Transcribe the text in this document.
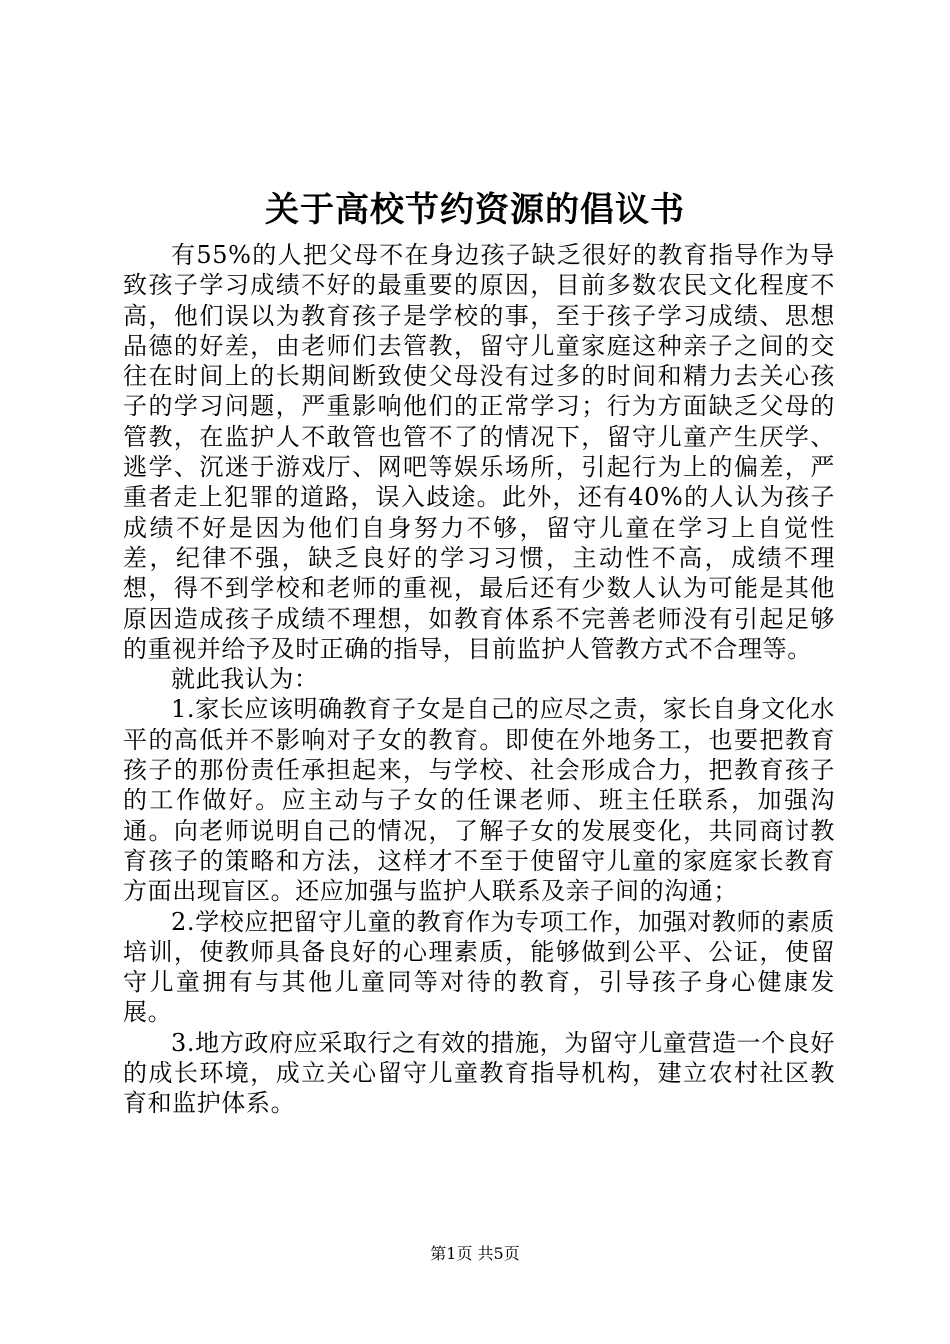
关于高校节约资源的倡议书

有55%的人把父母不在身边孩子缺乏很好的教育指导作为导致孩子学习成绩不好的最重要的原因，目前多数农民文化程度不高，他们误以为教育孩子是学校的事，至于孩子学习成绩、思想品德的好差，由老师们去管教，留守儿童家庭这种亲子之间的交往在时间上的长期间断致使父母没有过多的时间和精力去关心孩子的学习问题，严重影响他们的正常学习；行为方面缺乏父母的管教，在监护人不敢管也管不了的情况下，留守儿童产生厌学、逃学、沉迷于游戏厅、网吧等娱乐场所，引起行为上的偏差，严重者走上犯罪的道路，误入歧途。此外，还有40%的人认为孩子成绩不好是因为他们自身努力不够，留守儿童在学习上自觉性差，纪律不强，缺乏良好的学习习惯，主动性不高，成绩不理想，得不到学校和老师的重视，最后还有少数人认为可能是其他原因造成孩子成绩不理想，如教育体系不完善老师没有引起足够的重视并给予及时正确的指导，目前监护人管教方式不合理等。

就此我认为：

1.家长应该明确教育子女是自己的应尽之责，家长自身文化水平的高低并不影响对子女的教育。即使在外地务工，也要把教育孩子的那份责任承担起来，与学校、社会形成合力，把教育孩子的工作做好。应主动与子女的任课老师、班主任联系，加强沟通。向老师说明自己的情况，了解子女的发展变化，共同商讨教育孩子的策略和方法，这样才不至于使留守儿童的家庭家长教育方面出现盲区。还应加强与监护人联系及亲子间的沟通；

2.学校应把留守儿童的教育作为专项工作，加强对教师的素质培训，使教师具备良好的心理素质，能够做到公平、公证，使留守儿童拥有与其他儿童同等对待的教育，引导孩子身心健康发展。

3.地方政府应采取行之有效的措施，为留守儿童营造一个良好的成长环境，成立关心留守儿童教育指导机构，建立农村社区教育和监护体系。

第1页 共5页
